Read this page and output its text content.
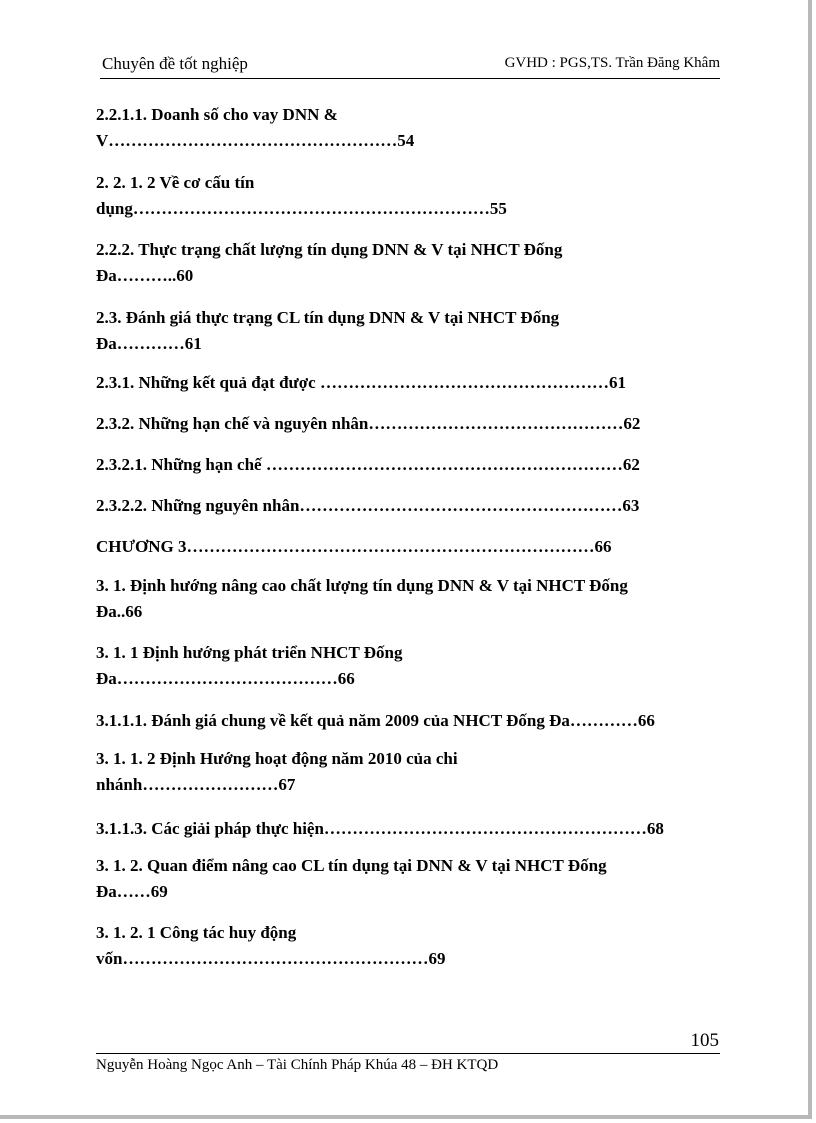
Chuyên đề tốt nghiệp	GVHD : PGS,TS. Trần Đăng Khâm
2.2.1.1. Doanh số cho vay DNN &
V……………………………………………54
2. 2. 1. 2 Về cơ cấu tín
dụng………………………………………………………55
2.2.2. Thực trạng chất lượng tín dụng DNN & V tại NHCT Đống
Đa………..60
2.3. Đánh giá thực trạng CL tín dụng DNN & V tại NHCT Đống
Đa…………61
2.3.1. Những kết quả đạt được ……………………………………………61
2.3.2. Những hạn chế và nguyên nhân………………………………………62
2.3.2.1. Những hạn chế ………………………………………………………62
2.3.2.2. Những nguyên nhân…………………………………………………63
CHƯƠNG 3………………………………………………………………66
3. 1. Định hướng nâng cao chất lượng tín dụng DNN & V tại NHCT Đống
Đa..66
3. 1. 1 Định hướng phát triển NHCT Đống
Đa…………………………………66
3.1.1.1. Đánh giá chung về kết quả năm 2009 của NHCT Đống Đa…………66
3. 1. 1. 2 Định Hướng hoạt động năm 2010 của chi
nhánh……………………67
3.1.1.3. Các giải pháp thực hiện…………………………………………………68
3. 1. 2. Quan điểm nâng cao CL tín dụng tại DNN & V tại NHCT Đống
Đa……69
3. 1. 2. 1 Công tác huy động
vốn………………………………………………69
105
Nguyễn Hoàng Ngọc Anh – Tài Chính Pháp Khúa 48 – ĐH KTQD
